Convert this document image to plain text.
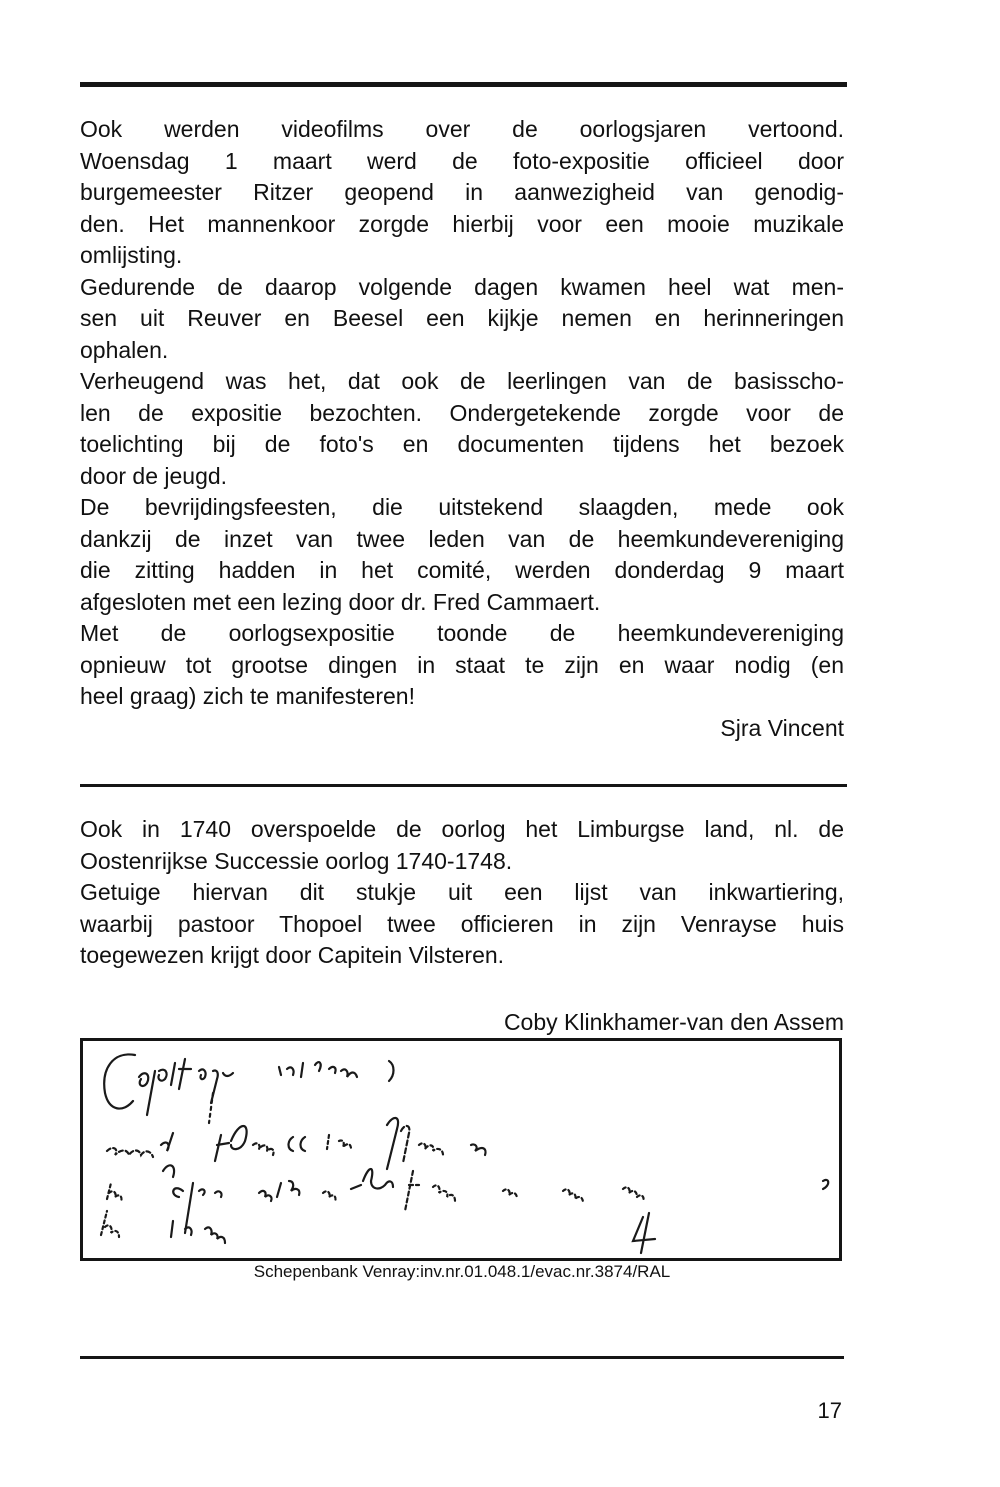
Ook werden videofilms over de oorlogsjaren vertoond.
Woensdag 1 maart werd de foto-expositie officieel door
burgemeester Ritzer geopend in aanwezigheid van genodig-
den. Het mannenkoor zorgde hierbij voor een mooie muzikale
omlijsting.
Gedurende de daarop volgende dagen kwamen heel wat men-
sen uit Reuver en Beesel een kijkje nemen en herinneringen
ophalen.
Verheugend was het, dat ook de leerlingen van de basisscho-
len de expositie bezochten. Ondergetekende zorgde voor de
toelichting bij de foto's en documenten tijdens het bezoek
door de jeugd.
De bevrijdingsfeesten, die uitstekend slaagden, mede ook
dankzij de inzet van twee leden van de heemkundevereniging
die zitting hadden in het comité, werden donderdag 9 maart
afgesloten met een lezing door dr. Fred Cammaert.
Met de oorlogsexpositie toonde de heemkundevereniging
opnieuw tot grootse dingen in staat te zijn en waar nodig (en
heel graag) zich te manifesteren!
Sjra Vincent
Ook in 1740 overspoelde de oorlog het Limburgse land, nl. de
Oostenrijkse Successie oorlog 1740-1748.
Getuige hiervan dit stukje uit een lijst van inkwartiering,
waarbij pastoor Thopoel twee officieren in zijn Venrayse huis
toegewezen krijgt door Capitein Vilsteren.
Coby Klinkhamer-van den Assem
Schepenbank Venray:inv.nr.01.048.1/evac.nr.3874/RAL
17
